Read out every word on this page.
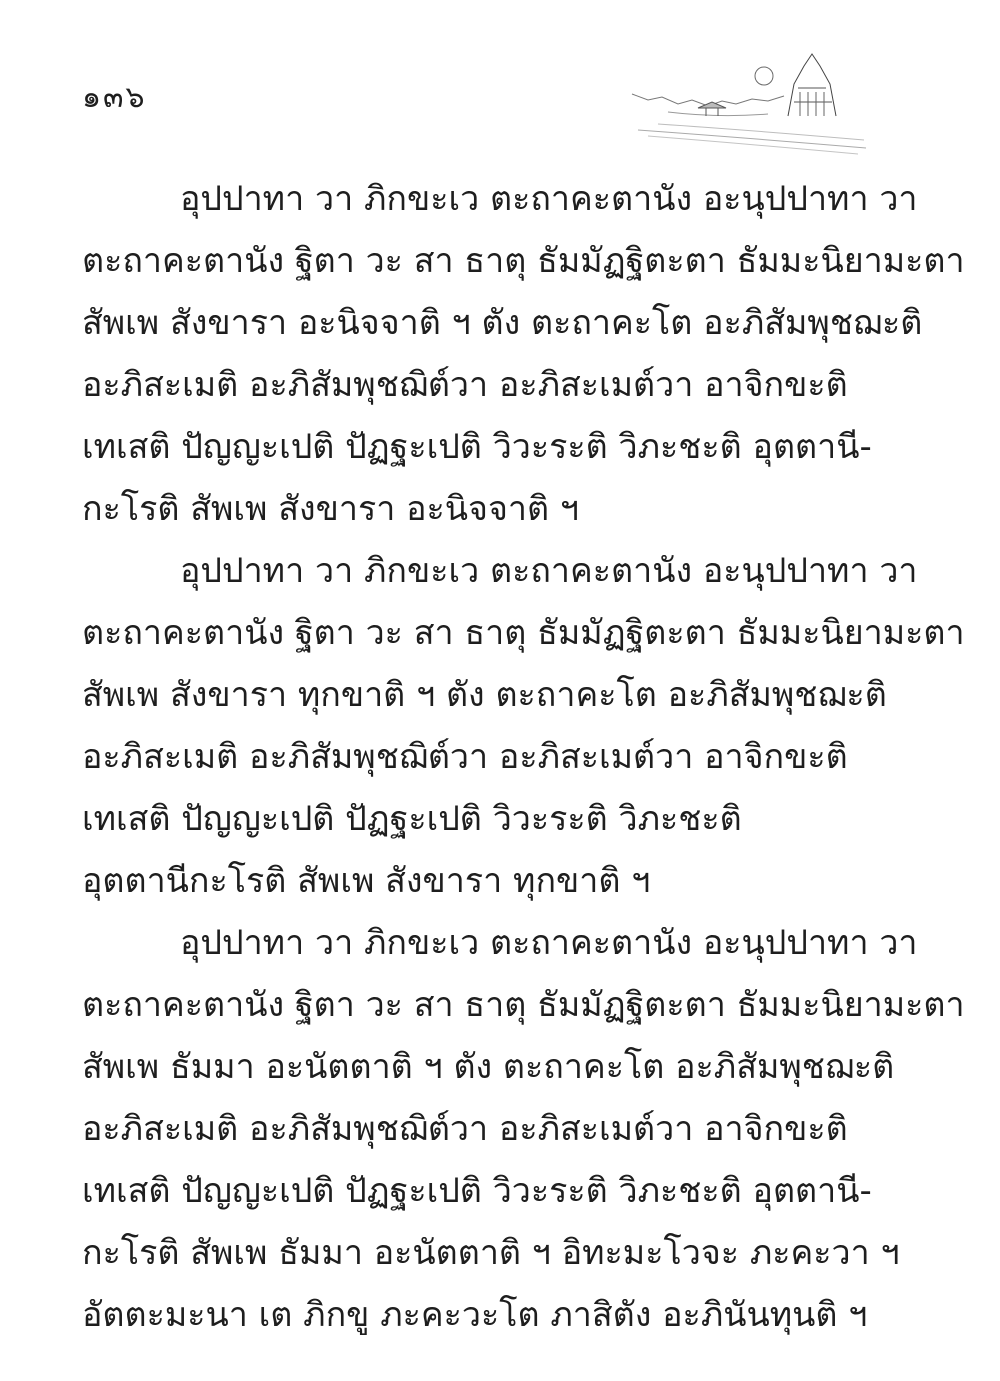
๑๓๖
อุปปาทา วา ภิกขะเว ตะถาคะตานัง อะนุปปาทา วา
ตะถาคะตานัง ฐิตา วะ สา ธาตุ ธัมมัฏฐิตะตา ธัมมะนิยามะตา
สัพเพ สังขารา อะนิจจาติ ฯ ตัง ตะถาคะโต อะภิสัมพุชฌะติ
อะภิสะเมติ อะภิสัมพุชฌิต์วา อะภิสะเมต์วา อาจิกขะติ
เทเสติ ปัญญะเปติ ปัฏฐะเปติ วิวะระติ วิภะชะติ อุตตานี-
กะโรติ สัพเพ สังขารา อะนิจจาติ ฯ
อุปปาทา วา ภิกขะเว ตะถาคะตานัง อะนุปปาทา วา
ตะถาคะตานัง ฐิตา วะ สา ธาตุ ธัมมัฏฐิตะตา ธัมมะนิยามะตา
สัพเพ สังขารา ทุกขาติ ฯ ตัง ตะถาคะโต อะภิสัมพุชฌะติ
อะภิสะเมติ อะภิสัมพุชฌิต์วา อะภิสะเมต์วา อาจิกขะติ
เทเสติ ปัญญะเปติ ปัฏฐะเปติ วิวะระติ วิภะชะติ
อุตตานีกะโรติ สัพเพ สังขารา ทุกขาติ ฯ
อุปปาทา วา ภิกขะเว ตะถาคะตานัง อะนุปปาทา วา
ตะถาคะตานัง ฐิตา วะ สา ธาตุ ธัมมัฏฐิตะตา ธัมมะนิยามะตา
สัพเพ ธัมมา อะนัตตาติ ฯ ตัง ตะถาคะโต อะภิสัมพุชฌะติ
อะภิสะเมติ อะภิสัมพุชฌิต์วา อะภิสะเมต์วา อาจิกขะติ
เทเสติ ปัญญะเปติ ปัฏฐะเปติ วิวะระติ วิภะชะติ อุตตานี-
กะโรติ สัพเพ ธัมมา อะนัตตาติ ฯ อิทะมะโวจะ ภะคะวา ฯ
อัตตะมะนา เต ภิกขู ภะคะวะโต ภาสิตัง อะภินันทุนติ ฯ
